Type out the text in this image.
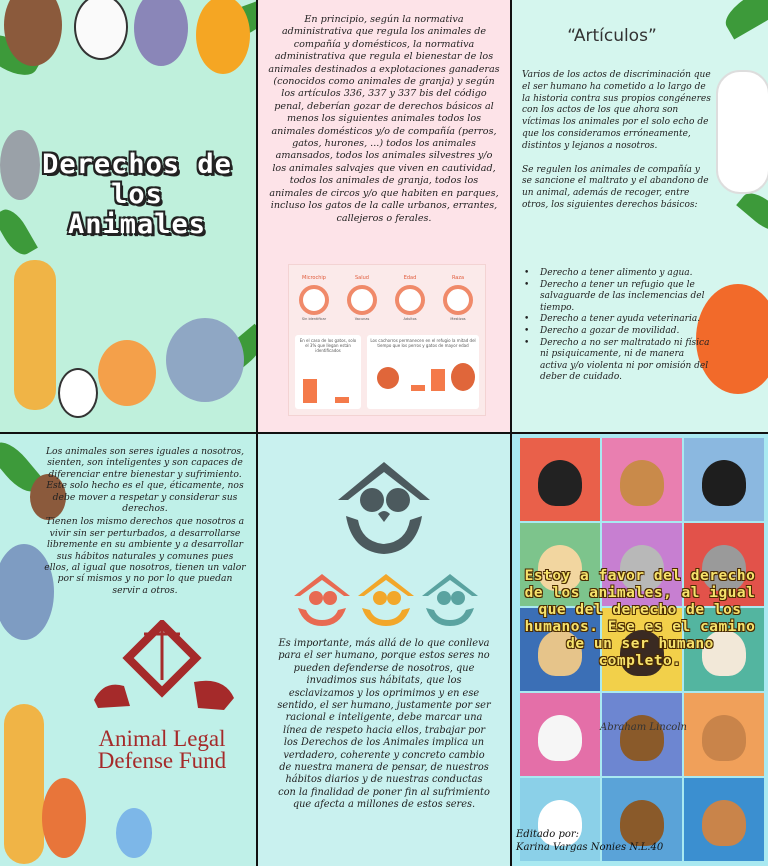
Derechos de
los
Animales
En principio, según la normativa administrativa que regula los animales de compañía y domésticos, la normativa administrativa que regula el bienestar de los animales destinados a explotaciones ganaderas (conocidos como animales de granja) y según los artículos 336, 337 y 337 bis del código penal, deberían gozar de derechos básicos al menos los siguientes animales todos los animales domésticos y/o de compañía (perros, gatos, hurones, ...) todos los animales amansados, todos los animales silvestres y/o los animales salvajes que viven en cautividad, todos los animales de granja, todos los animales de circos y/o que habiten en parques, incluso los gatos de la calle urbanos, errantes, callejeros o ferales.
Microchip
Sin identificar
Salud
Vacunas
Edad
Adultos
Raza
Mestizos
En el caso de los gatos, solo el 3% que llegan están identificados
Los cachorros permanecen en el refugio la mitad del tiempo que los perros y gatos de mayor edad
“Artículos”
Varios de los actos de discriminación que el ser humano ha cometido a lo largo de la historia contra sus propios congéneres con los actos de los que ahora son víctimas los animales por el solo echo de que los consideramos erróneamente, distintos y lejanos a nosotros.
Se regulen los animales de compañía y se sancione el maltrato y el abandono de un animal, además de recoger, entre otros, los siguientes derechos básicos:
• Derecho a tener alimento y agua.
• Derecho a tener un refugio que le salvaguarde de las inclemencias del tiempo.
• Derecho a tener ayuda veterinaria.
• Derecho a gozar de movilidad.
• Derecho a no ser maltratado ni física ni psiquicamente, ni de manera activa y/o violenta ni por omisión del deber de cuidado.
Los animales son seres iguales a nosotros, sienten, son inteligentes y son capaces de diferenciar entre bienestar y sufrimiento. Este solo hecho es el que, éticamente, nos debe mover a respetar y considerar sus derechos.
Tienen los mismo derechos que nosotros a vivir sin ser perturbados, a desarrollarse libremente en su ambiente y a desarrollar sus hábitos naturales y comunes pues ellos, al igual que nosotros, tienen un valor por sí mismos y no por lo que puedan servir a otros.
Animal Legal
Defense Fund
Es importante, más allá de lo que conlleva para el ser humano, porque estos seres no pueden defenderse de nosotros, que invadimos sus hábitats, que los esclavizamos y los oprimimos y en ese sentido, el ser humano, justamente por ser racional e inteligente, debe marcar una línea de respeto hacia ellos, trabajar por los Derechos de los Animales implica un verdadero, coherente y concreto cambio de nuestra manera de pensar, de nuestros hábitos diarios y de nuestras conductas con la finalidad de poner fin al sufrimiento que afecta a millones de estos seres.
Estoy a favor del derecho de los animales, al igual que del derecho de los humanos. Ese es el camino de un ser humano completo.
Abraham Lincoln
Editado por:
Karina Vargas Nonies N.L.40
